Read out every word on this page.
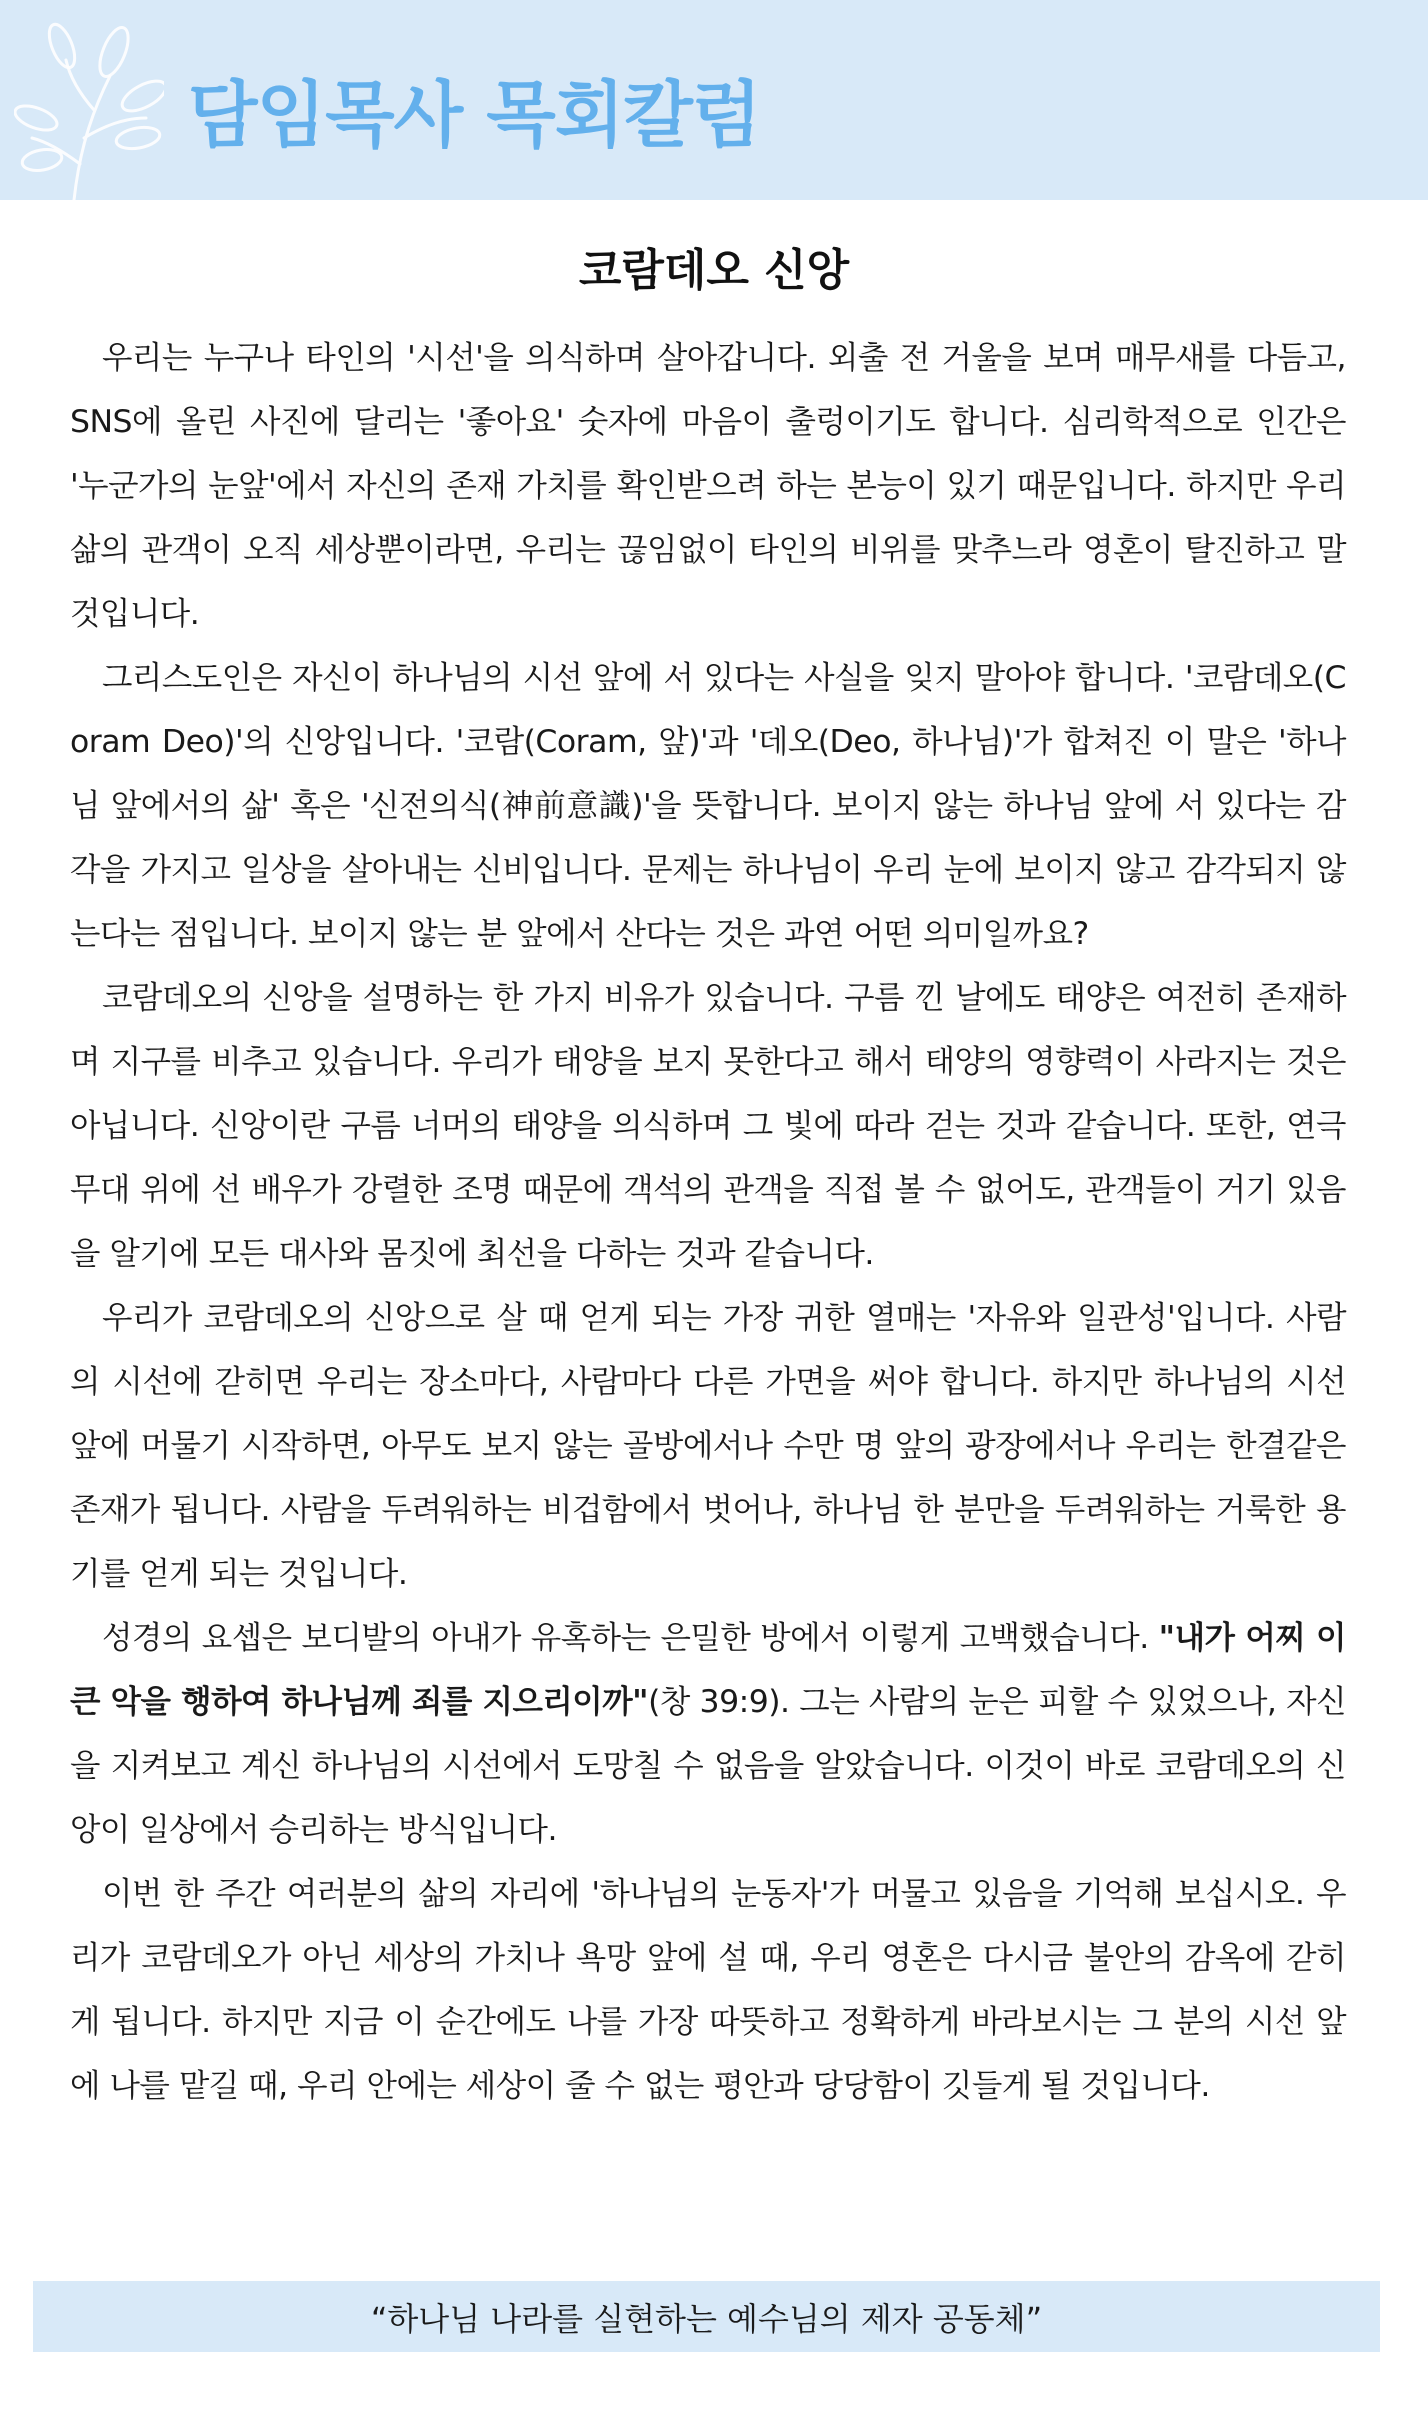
담임목사 목회칼럼
코람데오 신앙

우리는 누구나 타인의 '시선'을 의식하며 살아갑니다. 외출 전 거울을 보며 매무새를 다듬고, SNS에 올린 사진에 달리는 '좋아요' 숫자에 마음이 출렁이기도 합니다. 심리학적으로 인간은 '누군가의 눈앞'에서 자신의 존재 가치를 확인받으려 하는 본능이 있기 때문입니다. 하지만 우리 삶의 관객이 오직 세상뿐이라면, 우리는 끊임없이 타인의 비위를 맞추느라 영혼이 탈진하고 말 것입니다.

그리스도인은 자신이 하나님의 시선 앞에 서 있다는 사실을 잊지 말아야 합니다. '코람데오(Coram Deo)'의 신앙입니다. '코람(Coram, 앞)'과 '데오(Deo, 하나님)'가 합쳐진 이 말은 '하나님 앞에서의 삶' 혹은 '신전의식(神前意識)'을 뜻합니다. 보이지 않는 하나님 앞에 서 있다는 감각을 가지고 일상을 살아내는 신비입니다. 문제는 하나님이 우리 눈에 보이지 않고 감각되지 않는다는 점입니다. 보이지 않는 분 앞에서 산다는 것은 과연 어떤 의미일까요?

코람데오의 신앙을 설명하는 한 가지 비유가 있습니다. 구름 낀 날에도 태양은 여전히 존재하며 지구를 비추고 있습니다. 우리가 태양을 보지 못한다고 해서 태양의 영향력이 사라지는 것은 아닙니다. 신앙이란 구름 너머의 태양을 의식하며 그 빛에 따라 걷는 것과 같습니다. 또한, 연극 무대 위에 선 배우가 강렬한 조명 때문에 객석의 관객을 직접 볼 수 없어도, 관객들이 거기 있음을 알기에 모든 대사와 몸짓에 최선을 다하는 것과 같습니다.

우리가 코람데오의 신앙으로 살 때 얻게 되는 가장 귀한 열매는 '자유와 일관성'입니다. 사람의 시선에 갇히면 우리는 장소마다, 사람마다 다른 가면을 써야 합니다. 하지만 하나님의 시선 앞에 머물기 시작하면, 아무도 보지 않는 골방에서나 수만 명 앞의 광장에서나 우리는 한결같은 존재가 됩니다. 사람을 두려워하는 비겁함에서 벗어나, 하나님 한 분만을 두려워하는 거룩한 용기를 얻게 되는 것입니다.

성경의 요셉은 보디발의 아내가 유혹하는 은밀한 방에서 이렇게 고백했습니다. "내가 어찌 이 큰 악을 행하여 하나님께 죄를 지으리이까"(창 39:9). 그는 사람의 눈은 피할 수 있었으나, 자신을 지켜보고 계신 하나님의 시선에서 도망칠 수 없음을 알았습니다. 이것이 바로 코람데오의 신앙이 일상에서 승리하는 방식입니다.

이번 한 주간 여러분의 삶의 자리에 '하나님의 눈동자'가 머물고 있음을 기억해 보십시오. 우리가 코람데오가 아닌 세상의 가치나 욕망 앞에 설 때, 우리 영혼은 다시금 불안의 감옥에 갇히게 됩니다. 하지만 지금 이 순간에도 나를 가장 따뜻하고 정확하게 바라보시는 그 분의 시선 앞에 나를 맡길 때, 우리 안에는 세상이 줄 수 없는 평안과 당당함이 깃들게 될 것입니다.

“하나님 나라를 실현하는 예수님의 제자 공동체”
